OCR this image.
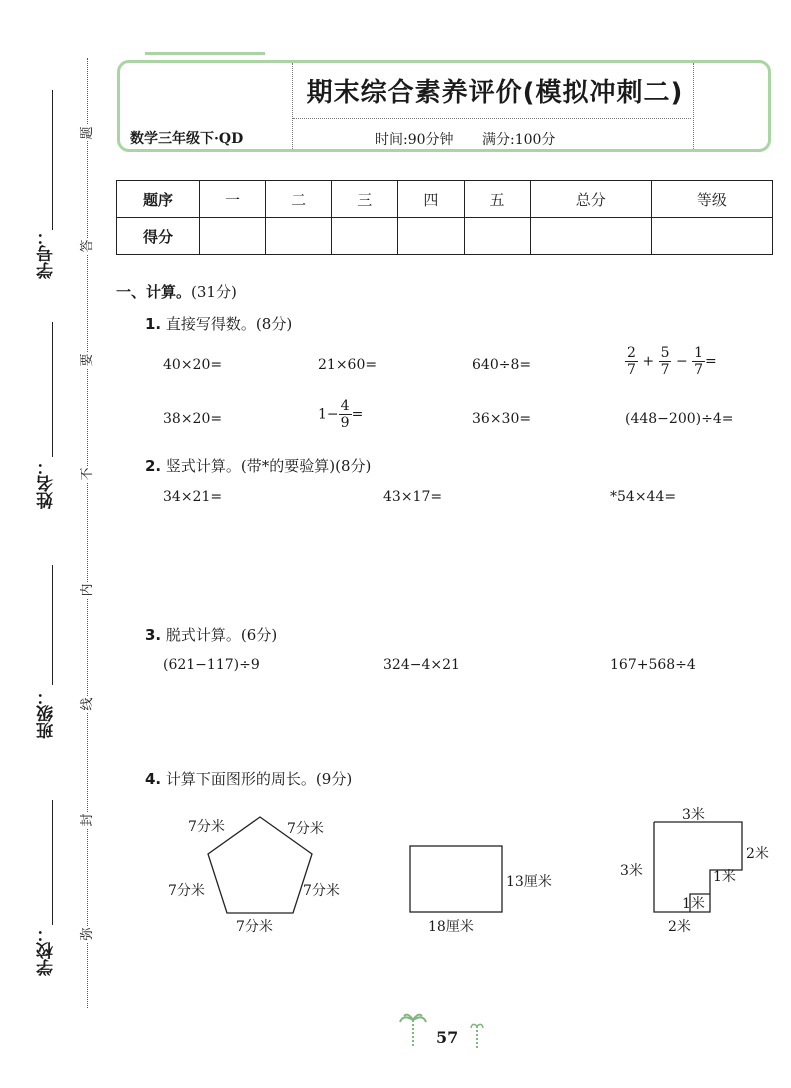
学号：
姓名：
班级：
学校：
题
答
要
不
内
线
封
弥
期末综合素养评价(模拟冲刺二)
数学三年级下·QD	时间:90分钟 满分:100分
题序	一	二	三	四	五	总分	等级
得分							
一、计算。(31分)
1. 直接写得数。(8分)
40×20=	21×60=	640÷8=	$\frac{2}{7} + \frac{5}{7} - \frac{1}{7}$ =
38×20=	$1- \frac{4}{9}$ =	36×30=	(448−200)÷4=
2. 竖式计算。(带*的要验算)(8分)
34×21=	43×17=	*54×44=
3. 脱式计算。(6分)
(621−117)÷9	324−4×21	167+568÷4
4. 计算下面图形的周长。(9分)
7分米	7分米
7分米	7分米
7分米
13厘米
18厘米
3米
2米
3米	1米
1米
2米
57
